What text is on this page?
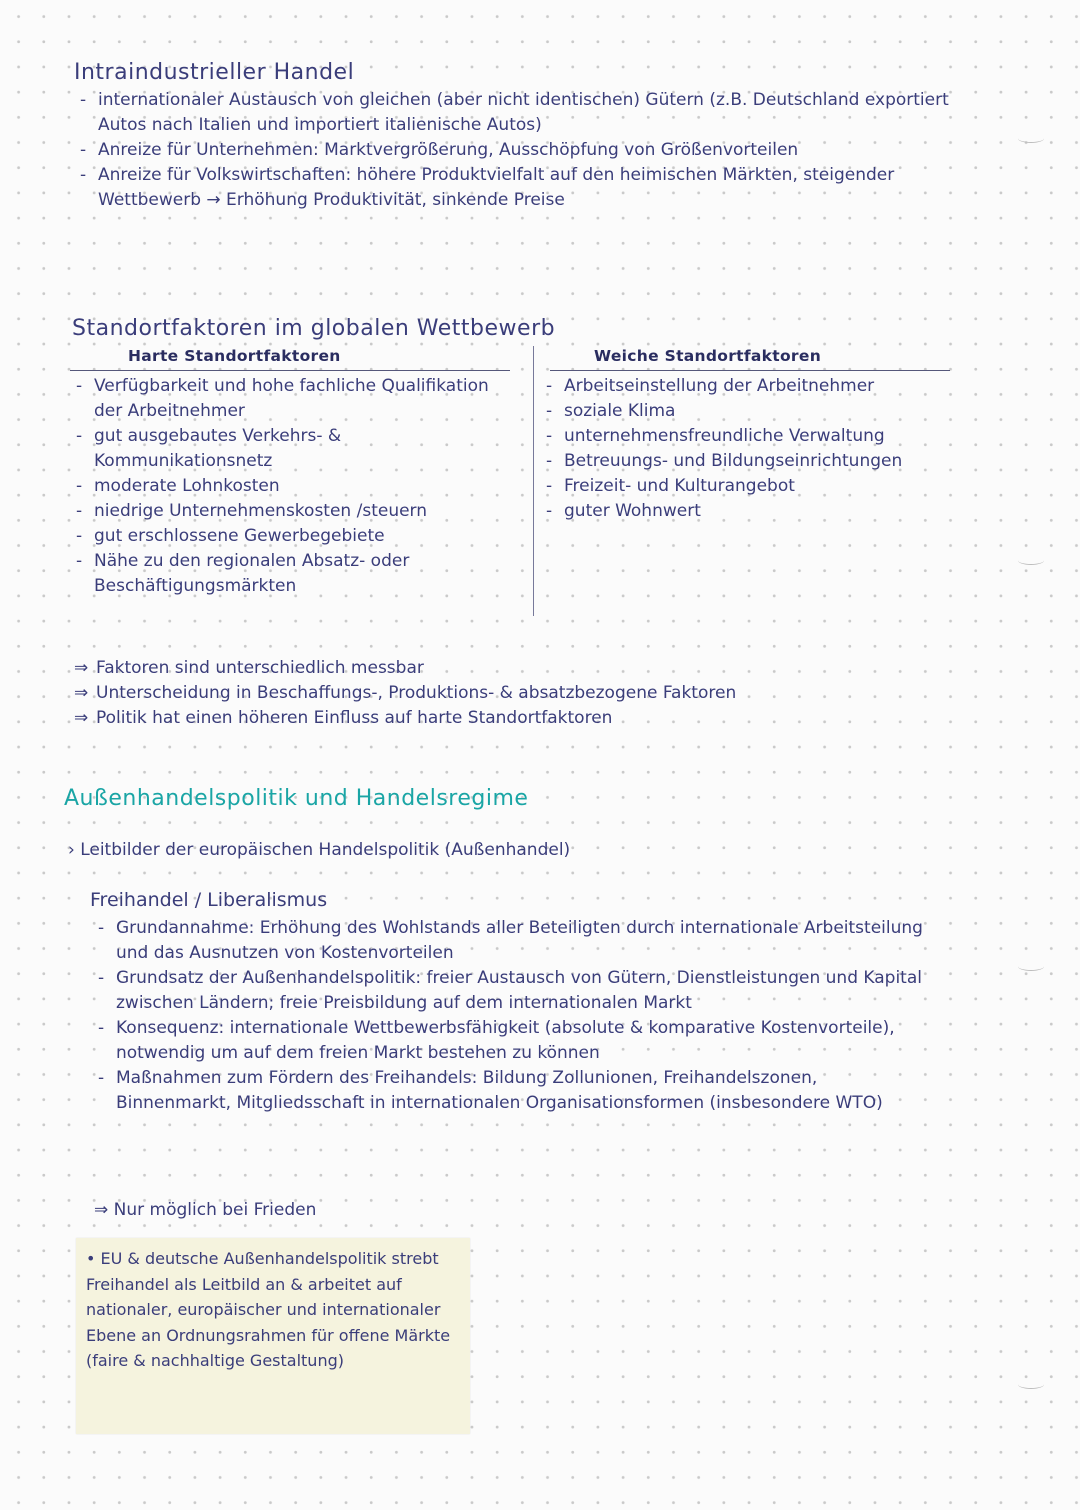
Intraindustrieller Handel
- internationaler Austausch von gleichen (aber nicht identischen) Gütern (z.B. Deutschland exportiert Autos nach Italien und importiert italienische Autos)
- Anreize für Unternehmen: Marktvergrößerung, Ausschöpfung von Größenvorteilen
- Anreize für Volkswirtschaften: höhere Produktvielfalt auf den heimischen Märkten, steigender Wettbewerb → Erhöhung Produktivität, sinkende Preise
Standortfaktoren im globalen Wettbewerb
Harte Standortfaktoren	Weiche Standortfaktoren
- Verfügbarkeit und hohe fachliche Qualifikation der Arbeitnehmer
- gut ausgebautes Verkehrs- & Kommunikationsnetz
- moderate Lohnkosten
- niedrige Unternehmenskosten /steuern
- gut erschlossene Gewerbegebiete
- Nähe zu den regionalen Absatz- oder Beschäftigungsmärkten
- Arbeitseinstellung der Arbeitnehmer
- soziale Klima
- unternehmensfreundliche Verwaltung
- Betreuungs- und Bildungseinrichtungen
- Freizeit- und Kulturangebot
- guter Wohnwert
⇒ Faktoren sind unterschiedlich messbar
⇒ Unterscheidung in Beschaffungs-, Produktions- & absatzbezogene Faktoren
⇒ Politik hat einen höheren Einfluss auf harte Standortfaktoren
Außenhandelspolitik und Handelsregime
› Leitbilder der europäischen Handelspolitik (Außenhandel)
Freihandel / Liberalismus
- Grundannahme: Erhöhung des Wohlstands aller Beteiligten durch internationale Arbeitsteilung und das Ausnutzen von Kostenvorteilen
- Grundsatz der Außenhandelspolitik: freier Austausch von Gütern, Dienstleistungen und Kapital zwischen Ländern; freie Preisbildung auf dem internationalen Markt
- Konsequenz: internationale Wettbewerbsfähigkeit (absolute & komparative Kostenvorteile), notwendig um auf dem freien Markt bestehen zu können
- Maßnahmen zum Fördern des Freihandels: Bildung Zollunionen, Freihandelszonen, Binnenmarkt, Mitgliedsschaft in internationalen Organisationsformen (insbesondere WTO)
⇒ Nur möglich bei Frieden
• EU & deutsche Außenhandelspolitik strebt Freihandel als Leitbild an & arbeitet auf nationaler, europäischer und internationaler Ebene an Ordnungsrahmen für offene Märkte (faire & nachhaltige Gestaltung)
